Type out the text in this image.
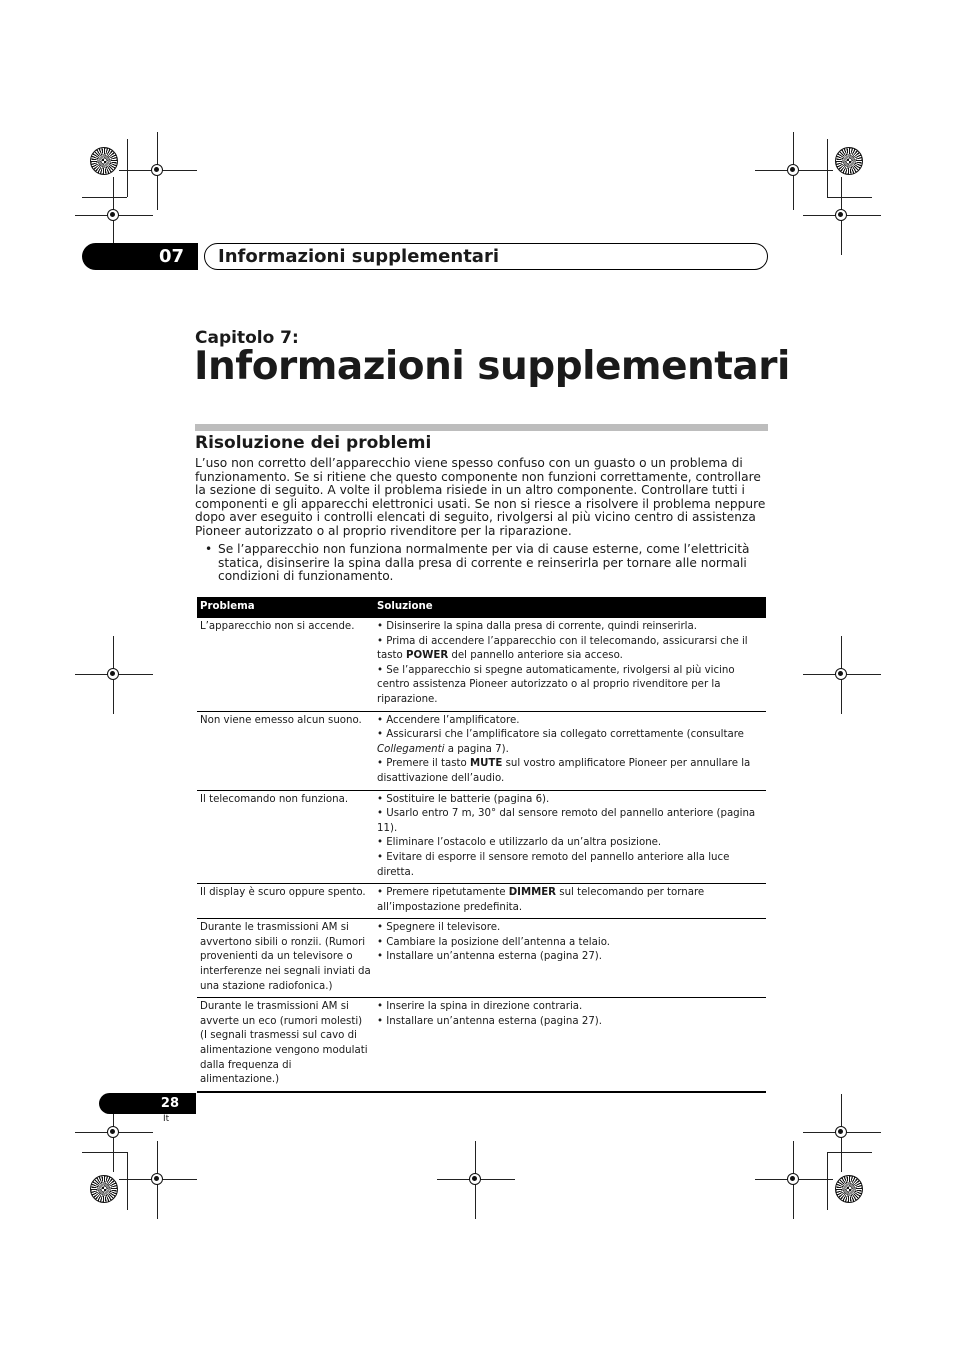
07	Informazioni supplementari
Capitolo 7:
Informazioni supplementari
Risoluzione dei problemi
L’uso non corretto dell’apparecchio viene spesso confuso con un guasto o un problema di funzionamento. Se si ritiene che questo componente non funzioni correttamente, controllare la sezione di seguito. A volte il problema risiede in un altro componente. Controllare tutti i componenti e gli apparecchi elettronici usati. Se non si riesce a risolvere il problema neppure dopo aver eseguito i controlli elencati di seguito, rivolgersi al più vicino centro di assistenza Pioneer autorizzato o al proprio rivenditore per la riparazione.
• Se l’apparecchio non funziona normalmente per via di cause esterne, come l’elettricità statica, disinserire la spina dalla presa di corrente e reinserirla per tornare alle normali condizioni di funzionamento.
Problema	Soluzione
L’apparecchio non si accende.	• Disinserire la spina dalla presa di corrente, quindi reinserirla.
• Prima di accendere l’apparecchio con il telecomando, assicurarsi che il tasto POWER del pannello anteriore sia acceso.
• Se l’apparecchio si spegne automaticamente, rivolgersi al più vicino centro assistenza Pioneer autorizzato o al proprio rivenditore per la riparazione.

Non viene emesso alcun suono.	• Accendere l’amplificatore.
• Assicurarsi che l’amplificatore sia collegato correttamente (consultare Collegamenti a pagina 7).
• Premere il tasto MUTE sul vostro amplificatore Pioneer per annullare la disattivazione dell’audio.

Il telecomando non funziona.	• Sostituire le batterie (pagina 6).
• Usarlo entro 7 m, 30° dal sensore remoto del pannello anteriore (pagina 11).
• Eliminare l’ostacolo e utilizzarlo da un’altra posizione.
• Evitare di esporre il sensore remoto del pannello anteriore alla luce diretta.

Il display è scuro oppure spento.	• Premere ripetutamente DIMMER sul telecomando per tornare all’impostazione predefinita.

Durante le trasmissioni AM si avvertono sibili o ronzii. (Rumori provenienti da un televisore o interferenze nei segnali inviati da una stazione radiofonica.)	• Spegnere il televisore.
• Cambiare la posizione dell’antenna a telaio.
• Installare un’antenna esterna (pagina 27).

Durante le trasmissioni AM si avverte un eco (rumori molesti) (I segnali trasmessi sul cavo di alimentazione vengono modulati dalla frequenza di alimentazione.)	• Inserire la spina in direzione contraria.
• Installare un’antenna esterna (pagina 27).
28
It
